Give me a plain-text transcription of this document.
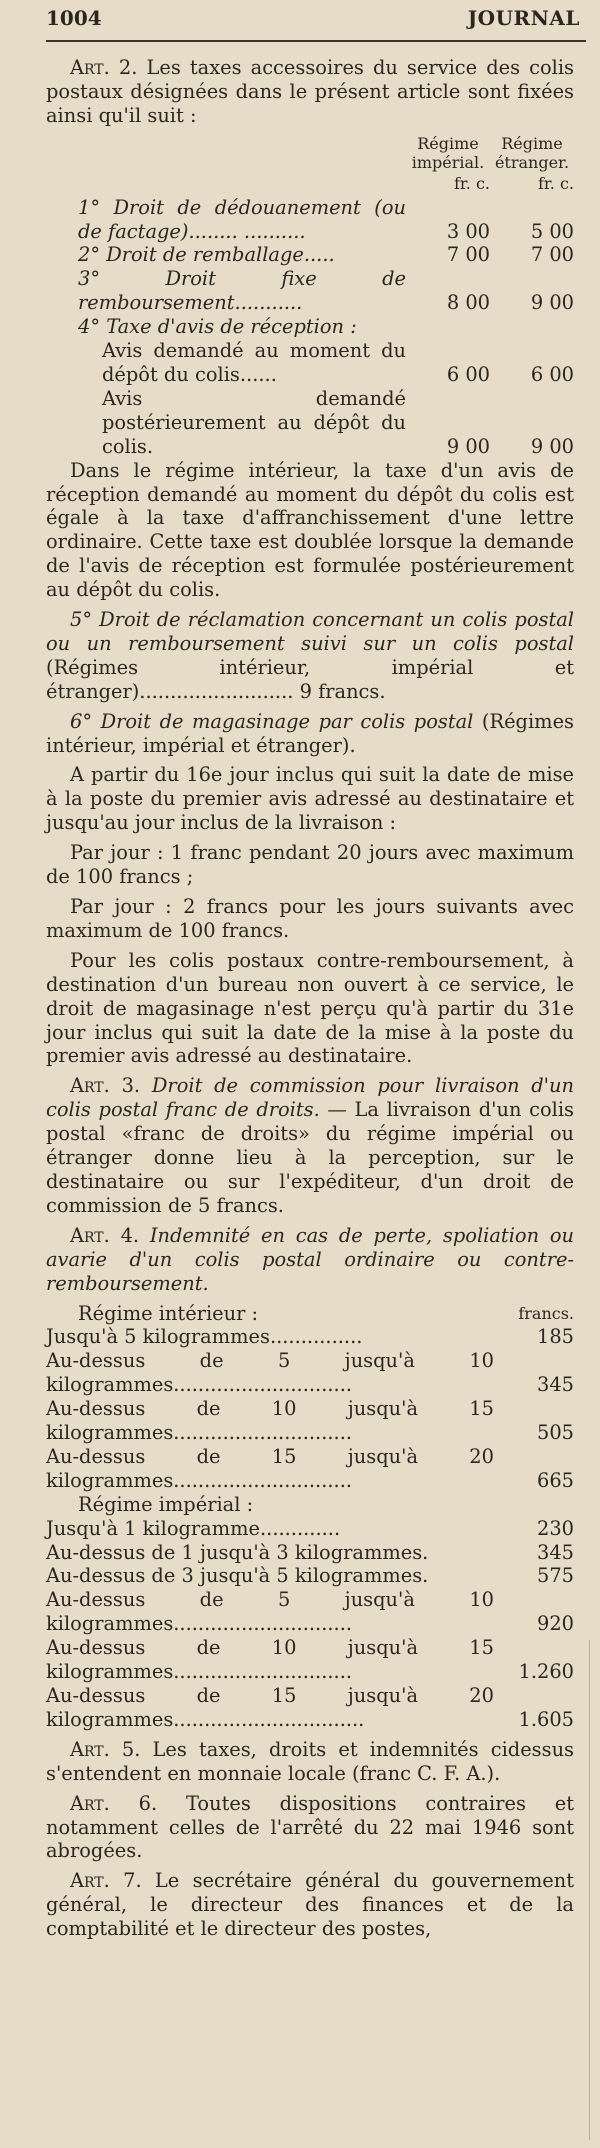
1004	JOURNAL

Art. 2. Les taxes accessoires du service des colis postaux désignées dans le présent article sont fixées ainsi qu'il suit :

	Régime impérial.	Régime étranger.
	fr. c.	fr. c.
1° Droit de dédouanement (ou de factage)........ ..........	3 00	5 00
2° Droit de remballage.....	7 00	7 00
3° Droit fixe de remboursement...........	8 00	9 00
4° Taxe d'avis de réception :		
Avis demandé au moment du dépôt du colis......	6 00	6 00
Avis demandé postérieurement au dépôt du colis.	9 00	9 00

Dans le régime intérieur, la taxe d'un avis de réception demandé au moment du dépôt du colis est égale à la taxe d'affranchissement d'une lettre ordinaire. Cette taxe est doublée lorsque la demande de l'avis de réception est formulée postérieurement au dépôt du colis.

5° Droit de réclamation concernant un colis postal ou un remboursement suivi sur un colis postal (Régimes intérieur, impérial et étranger)......................... 9 francs.

6° Droit de magasinage par colis postal (Régimes intérieur, impérial et étranger).

A partir du 16e jour inclus qui suit la date de mise à la poste du premier avis adressé au destinataire et jusqu'au jour inclus de la livraison :

Par jour : 1 franc pendant 20 jours avec maximum de 100 francs ;

Par jour : 2 francs pour les jours suivants avec maximum de 100 francs.

Pour les colis postaux contre-remboursement, à destination d'un bureau non ouvert à ce service, le droit de magasinage n'est perçu qu'à partir du 31e jour inclus qui suit la date de la mise à la poste du premier avis adressé au destinataire.

Art. 3. Droit de commission pour livraison d'un colis postal franc de droits. — La livraison d'un colis postal «franc de droits» du régime impérial ou étranger donne lieu à la perception, sur le destinataire ou sur l'expéditeur, d'un droit de commission de 5 francs.

Art. 4. Indemnité en cas de perte, spoliation ou avarie d'un colis postal ordinaire ou contre-remboursement.

Régime intérieur :	francs.
Jusqu'à 5 kilogrammes...............	185
Au-dessus de 5 jusqu'à 10 kilogrammes.............................	345
Au-dessus de 10 jusqu'à 15 kilogrammes.............................	505
Au-dessus de 15 jusqu'à 20 kilogrammes.............................	665
Régime impérial :	
Jusqu'à 1 kilogramme.............	230
Au-dessus de 1 jusqu'à 3 kilogrammes.	345
Au-dessus de 3 jusqu'à 5 kilogrammes.	575
Au-dessus de 5 jusqu'à 10 kilogrammes.............................	920
Au-dessus de 10 jusqu'à 15 kilogrammes.............................	1.260
Au-dessus de 15 jusqu'à 20 kilogrammes...............................	1.605

Art. 5. Les taxes, droits et indemnités cidessus s'entendent en monnaie locale (franc C. F. A.).

Art. 6. Toutes dispositions contraires et notamment celles de l'arrêté du 22 mai 1946 sont abrogées.

Art. 7. Le secrétaire général du gouvernement général, le directeur des finances et de la comptabilité et le directeur des postes,
